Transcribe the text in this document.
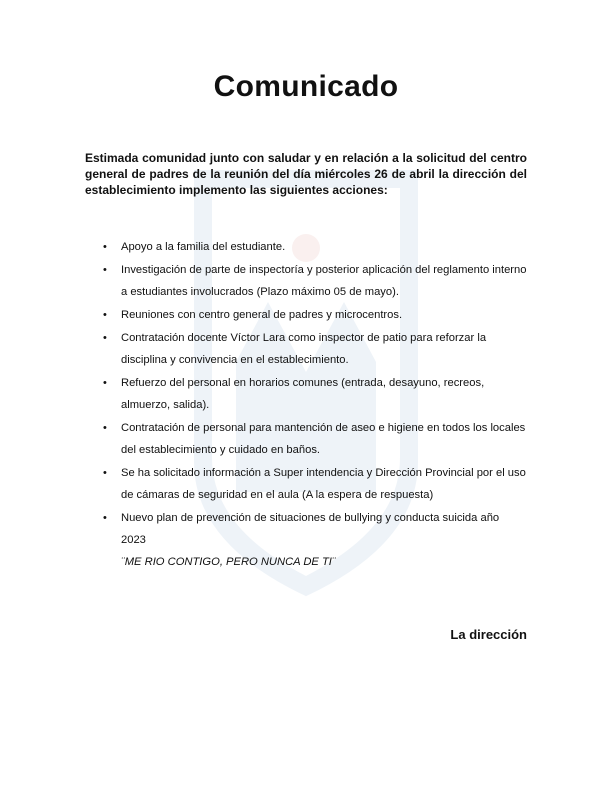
Comunicado

Estimada comunidad junto con saludar y en relación a la solicitud del centro general de padres de la reunión del día miércoles 26 de abril la dirección del establecimiento implemento las siguientes acciones:

• Apoyo a la familia del estudiante.
• Investigación de parte de inspectoría y posterior aplicación del reglamento interno a estudiantes involucrados (Plazo máximo 05 de mayo).
• Reuniones con centro general de padres y microcentros.
• Contratación docente Víctor Lara como inspector de patio para reforzar la disciplina y convivencia en el establecimiento.
• Refuerzo del personal en horarios comunes (entrada, desayuno, recreos, almuerzo, salida).
• Contratación de personal para mantención de aseo e higiene en todos los locales del establecimiento y cuidado en baños.
• Se ha solicitado información a Super intendencia y Dirección Provincial por el uso de cámaras de seguridad en el aula (A la espera de respuesta)
• Nuevo plan de prevención de situaciones de bullying y conducta suicida año 2023
¨ME RIO CONTIGO, PERO NUNCA DE TI¨

La dirección
